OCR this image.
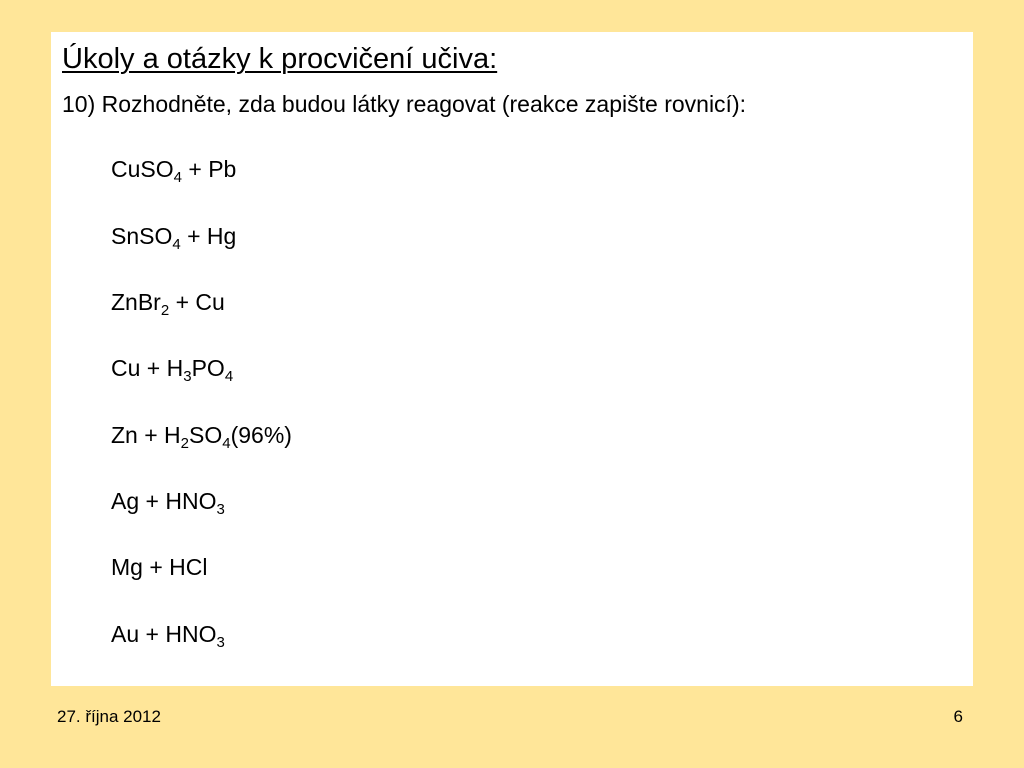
Úkoly a otázky k procvičení učiva:
10) Rozhodněte, zda budou látky reagovat (reakce zapište rovnicí):
CuSO$_4$ + Pb
SnSO$_4$ + Hg
ZnBr$_2$ + Cu
$Cu + H_3PO_4$
$Zn + H_2SO_4(96\%)$
$Ag + HNO_3$
Mg + HCl
$Au + HNO_3$
27. října 2012	6
